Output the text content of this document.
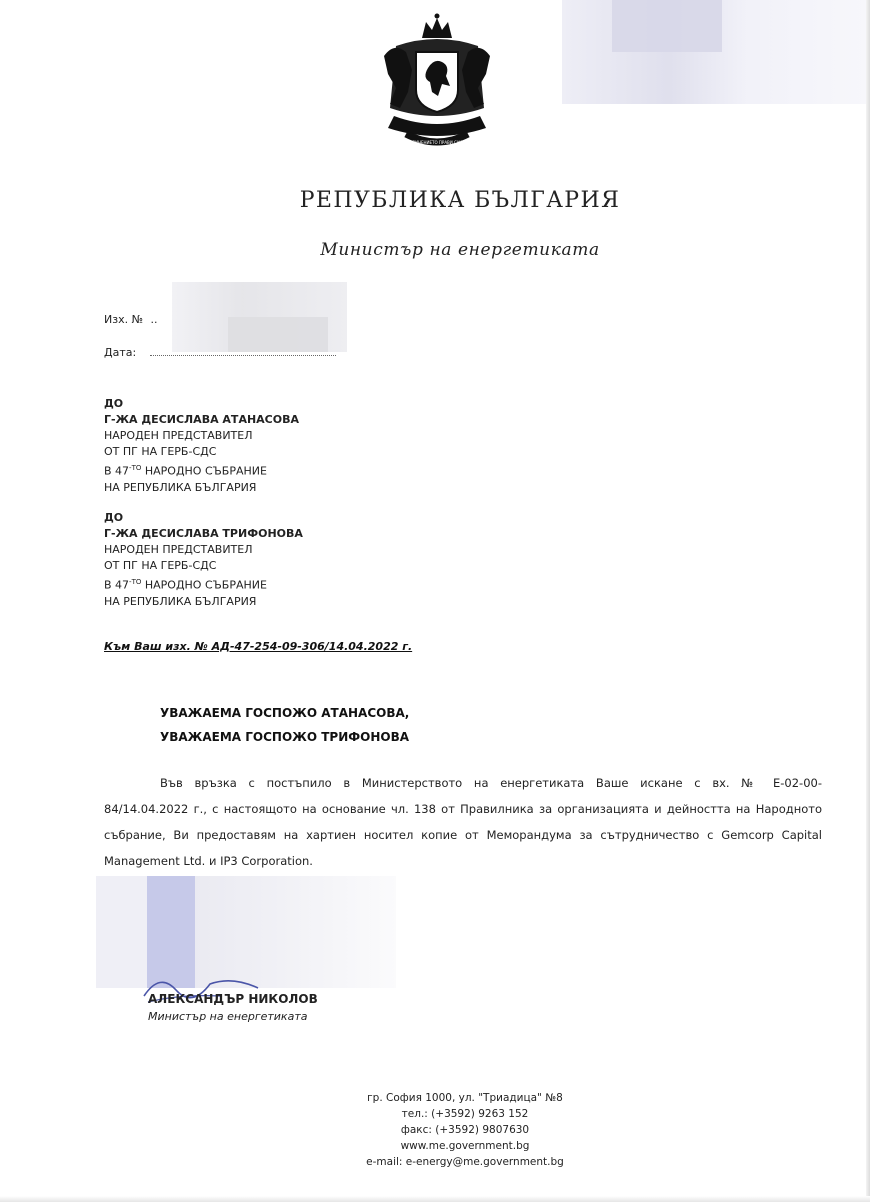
СЪЕДИНЕНИЕТО ПРАВИ СИЛАТА
РЕПУБЛИКА БЪЛГАРИЯ
Министър на енергетиката
Изх. № ..
Дата:
ДО
Г-ЖА ДЕСИСЛАВА АТАНАСОВА
НАРОДЕН ПРЕДСТАВИТЕЛ
ОТ ПГ НА ГЕРБ-СДС
В $47^{-ТО}$ НАРОДНО СЪБРАНИЕ
НА РЕПУБЛИКА БЪЛГАРИЯ
ДО
Г-ЖА ДЕСИСЛАВА ТРИФОНОВА
НАРОДЕН ПРЕДСТАВИТЕЛ
ОТ ПГ НА ГЕРБ-СДС
В $47^{-ТО}$ НАРОДНО СЪБРАНИЕ
НА РЕПУБЛИКА БЪЛГАРИЯ
Към Ваш изх. № АД-47-254-09-306/14.04.2022 г.
УВАЖАЕМА ГОСПОЖО АТАНАСОВА,
УВАЖАЕМА ГОСПОЖО ТРИФОНОВА
Във връзка с постъпило в Министерството на енергетиката Ваше искане с вх. № Е-02-00-
84/14.04.2022 г., с настоящото на основание чл. 138 от Правилника за организацията и дейността на Народното събрание, Ви предоставям на хартиен носител копие от Меморандума за сътрудничество с Gemcorp Capital Management Ltd. и IP3 Corporation.
АЛЕКСАНДЪР НИКОЛОВ
Министър на енергетиката
гр. София 1000, ул. "Триадица" №8
тел.: (+3592) 9263 152
факс: (+3592) 9807630
www.me.government.bg
e-mail: e-energy@me.government.bg
